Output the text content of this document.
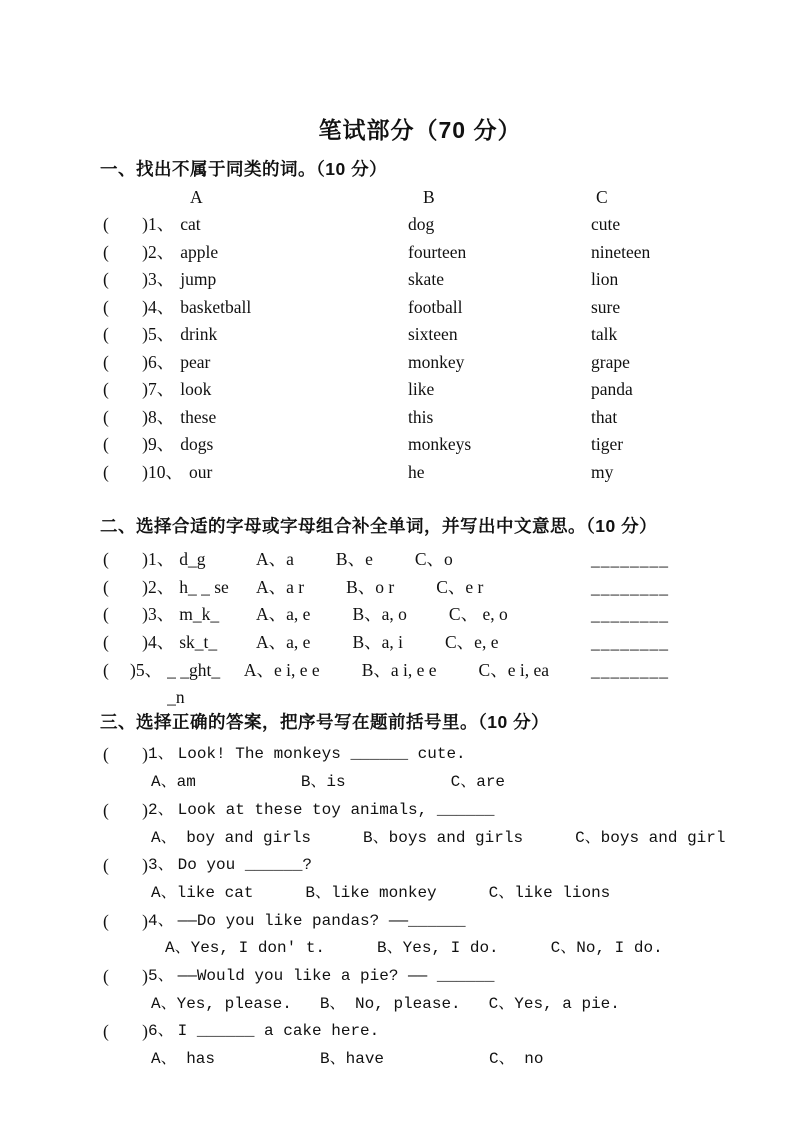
笔试部分（70 分）
一、找出不属于同类的词。（10 分）
A	B	C
( ) 1、 cat	dog	cute
( ) 2、 apple	fourteen	nineteen
( ) 3、 jump	skate	lion
( ) 4、 basketball	football	sure
( ) 5、 drink	sixteen	talk
( ) 6、 pear	monkey	grape
( ) 7、 look	like	panda
( ) 8、 these	this	that
( ) 9、 dogs	monkeys	tiger
( ) 10、 our	he	my
二、选择合适的字母或字母组合补全单词，并写出中文意思。（10 分）
( ) 1、 d_g	A、a B、e C、o	________
( ) 2、 h_ _ se A、a r B、o r C、e r	________
( ) 3、 m_k_ A、a, e B、a, o C、 e, o	________
( ) 4、 sk_t_ A、a, e B、a, i C、e, e	________
( ) 5、 _ _ght_ _n
A、e i, e e B、a i, e e C、e i, ea ________
三、选择正确的答案，把序号写在题前括号里。（10 分）
( ) 1、 Look! The monkeys ______ cute.
A、am	B、is	C、are
( ) 2、 Look at these toy animals, ______
A、 boy and girls	B、boys and girls	C、boys and girl
( ) 3、 Do you ______?
A、like cat	B、like monkey	C、like lions
( ) 4、 ——Do you like pandas? ——______
A、Yes, I don' t.	B、Yes, I do.	C、No, I do.
( ) 5、 ——Would you like a pie? —— ______
A、Yes, please. B、 No, please. C、Yes, a pie.
( ) 6、 I ______ a cake here.
A、 has	B、have	C、 no
